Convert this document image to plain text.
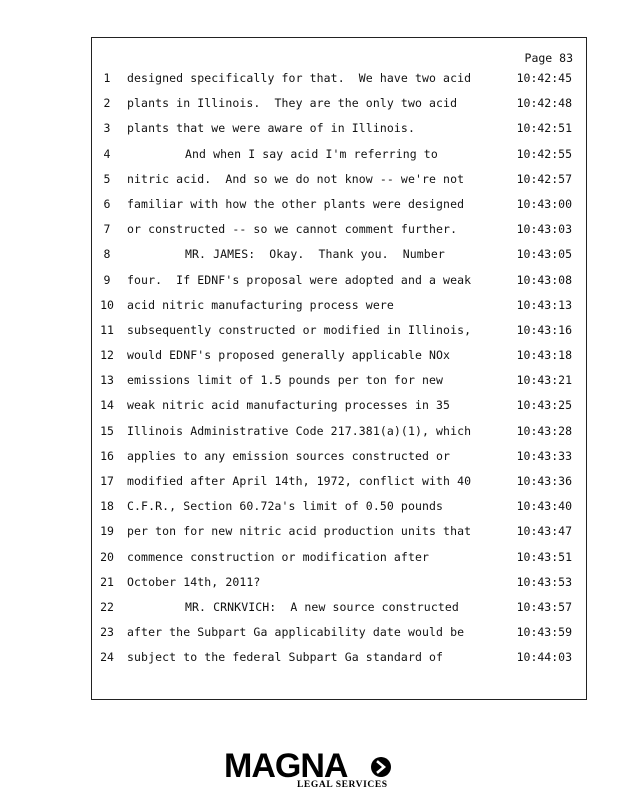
Page 83
1	designed specifically for that.  We have two acid	10:42:45
2	plants in Illinois.  They are the only two acid	10:42:48
3	plants that we were aware of in Illinois.	10:42:51
4	And when I say acid I'm referring to	10:42:55
5	nitric acid.  And so we do not know -- we're not	10:42:57
6	familiar with how the other plants were designed	10:43:00
7	or constructed -- so we cannot comment further.	10:43:03
8	MR. JAMES:  Okay.  Thank you.  Number	10:43:05
9	four.  If EDNF's proposal were adopted and a weak	10:43:08
10	acid nitric manufacturing process were	10:43:13
11	subsequently constructed or modified in Illinois,	10:43:16
12	would EDNF's proposed generally applicable NOx	10:43:18
13	emissions limit of 1.5 pounds per ton for new	10:43:21
14	weak nitric acid manufacturing processes in 35	10:43:25
15	Illinois Administrative Code 217.381(a)(1), which	10:43:28
16	applies to any emission sources constructed or	10:43:33
17	modified after April 14th, 1972, conflict with 40	10:43:36
18	C.F.R., Section 60.72a's limit of 0.50 pounds	10:43:40
19	per ton for new nitric acid production units that	10:43:47
20	commence construction or modification after	10:43:51
21	October 14th, 2011?	10:43:53
22	MR. CRNKVICH:  A new source constructed	10:43:57
23	after the Subpart Ga applicability date would be	10:43:59
24	subject to the federal Subpart Ga standard of	10:44:03
MAGNA
LEGAL SERVICES
